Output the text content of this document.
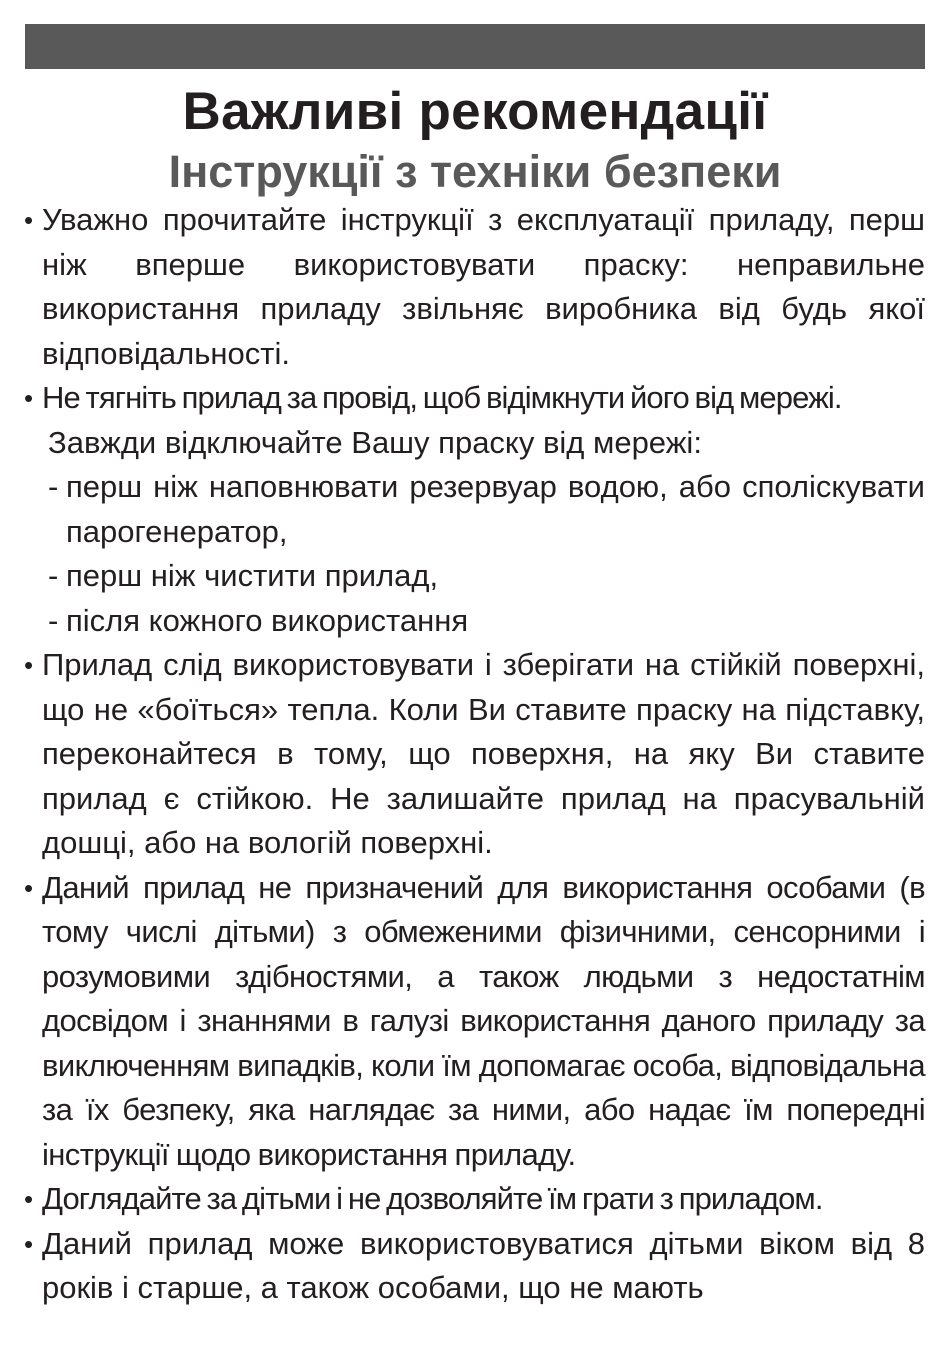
Важливі рекомендації
Інструкції з техніки безпеки
• Уважно прочитайте інструкції з експлуатації приладу, перш ніж вперше використовувати праску: неправильне використання приладу звільняє виробника від будь якої відповідальності.
• Не тягніть прилад за провід, щоб відімкнути його від мережі.
Завжди відключайте Вашу праску від мережі:
- перш ніж наповнювати резервуар водою, або споліскувати парогенератор,
- перш ніж чистити прилад,
- після кожного використання
• Прилад слід використовувати і зберігати на стійкій поверхні, що не «боїться» тепла. Коли Ви ставите праску на підставку, переконайтеся в тому, що поверхня, на яку Ви ставите прилад є стійкою. Не залишайте прилад на прасувальній дошці, або на вологій поверхні.
• Даний прилад не призначений для використання особами (в тому числі дітьми) з обмеженими фізичними, сенсорними і розумовими здібностями, а також людьми з недостатнім досвідом і знаннями в галузі використання даного приладу за виключенням випадків, коли їм допомагає особа, відповідальна за їх безпеку, яка наглядає за ними, або надає їм попередні інструкції щодо використання приладу.
• Доглядайте за дітьми і не дозволяйте їм грати з приладом.
• Даний прилад може використовуватися дітьми віком від 8 років і старше, а також особами, що не мають
